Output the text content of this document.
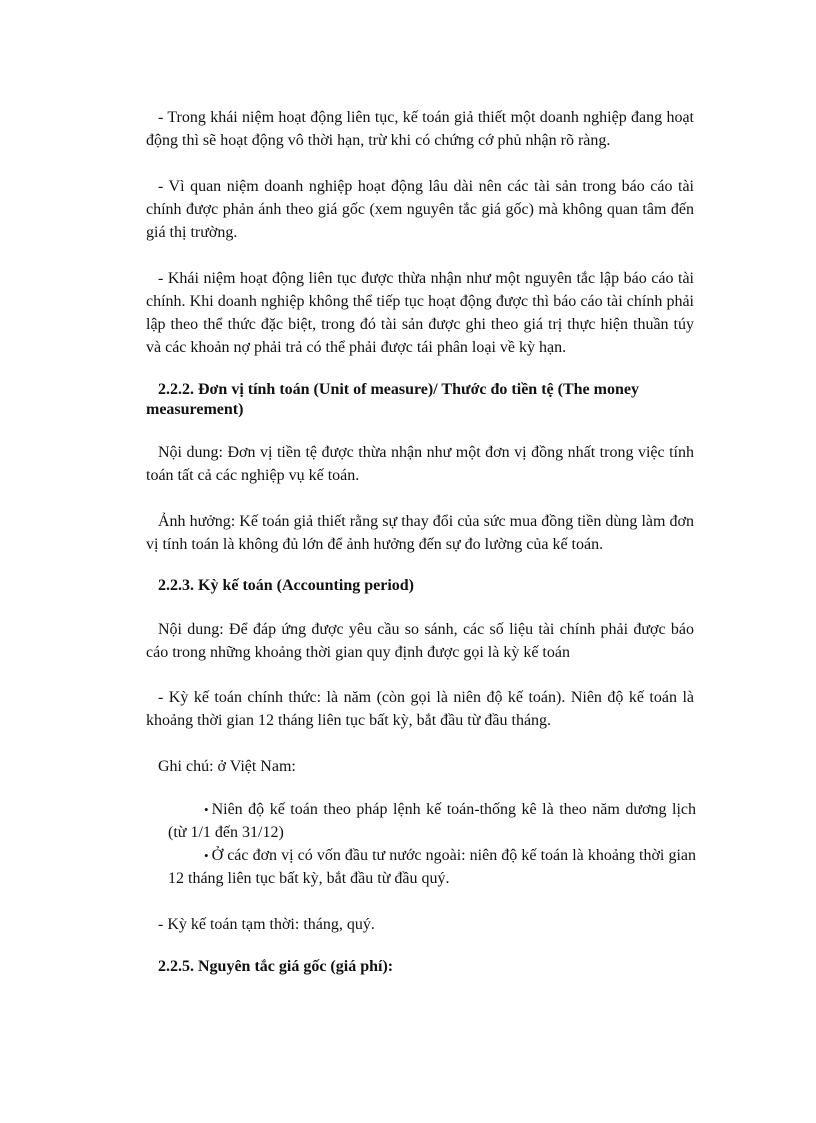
- Trong khái niệm hoạt động liên tục, kế toán giả thiết một doanh nghiệp đang hoạt động thì sẽ hoạt động vô thời hạn, trừ khi có chứng cớ phủ nhận rõ ràng.

- Vì quan niệm doanh nghiệp hoạt động lâu dài nên các tài sản trong báo cáo tài chính được phản ánh theo giá gốc (xem nguyên tắc giá gốc) mà không quan tâm đến giá thị trường.

- Khái niệm hoạt động liên tục được thừa nhận như một nguyên tắc lập báo cáo tài chính. Khi doanh nghiệp không thể tiếp tục hoạt động được thì báo cáo tài chính phải lập theo thể thức đặc biệt, trong đó tài sản được ghi theo giá trị thực hiện thuần túy và các khoản nợ phải trả có thể phải được tái phân loại về kỳ hạn.

2.2.2. Đơn vị tính toán (Unit of measure)/ Thước đo tiền tệ (The money measurement)

Nội dung: Đơn vị tiền tệ được thừa nhận như một đơn vị đồng nhất trong việc tính toán tất cả các nghiệp vụ kế toán.

Ảnh hưởng: Kế toán giả thiết rằng sự thay đổi của sức mua đồng tiền dùng làm đơn vị tính toán là không đủ lớn để ảnh hưởng đến sự đo lường của kế toán.

2.2.3. Kỳ kế toán (Accounting period)

Nội dung: Để đáp ứng được yêu cầu so sánh, các số liệu tài chính phải được báo cáo trong những khoảng thời gian quy định được gọi là kỳ kế toán

- Kỳ kế toán chính thức: là năm (còn gọi là niên độ kế toán). Niên độ kế toán là khoảng thời gian 12 tháng liên tục bất kỳ, bắt đầu từ đầu tháng.

Ghi chú: ở Việt Nam:

• Niên độ kế toán theo pháp lệnh kế toán-thống kê là theo năm dương lịch (từ 1/1 đến 31/12)

• Ở các đơn vị có vốn đầu tư nước ngoài: niên độ kế toán là khoảng thời gian 12 tháng liên tục bất kỳ, bắt đầu từ đầu quý.

- Kỳ kế toán tạm thời: tháng, quý.

2.2.5. Nguyên tắc giá gốc (giá phí):
